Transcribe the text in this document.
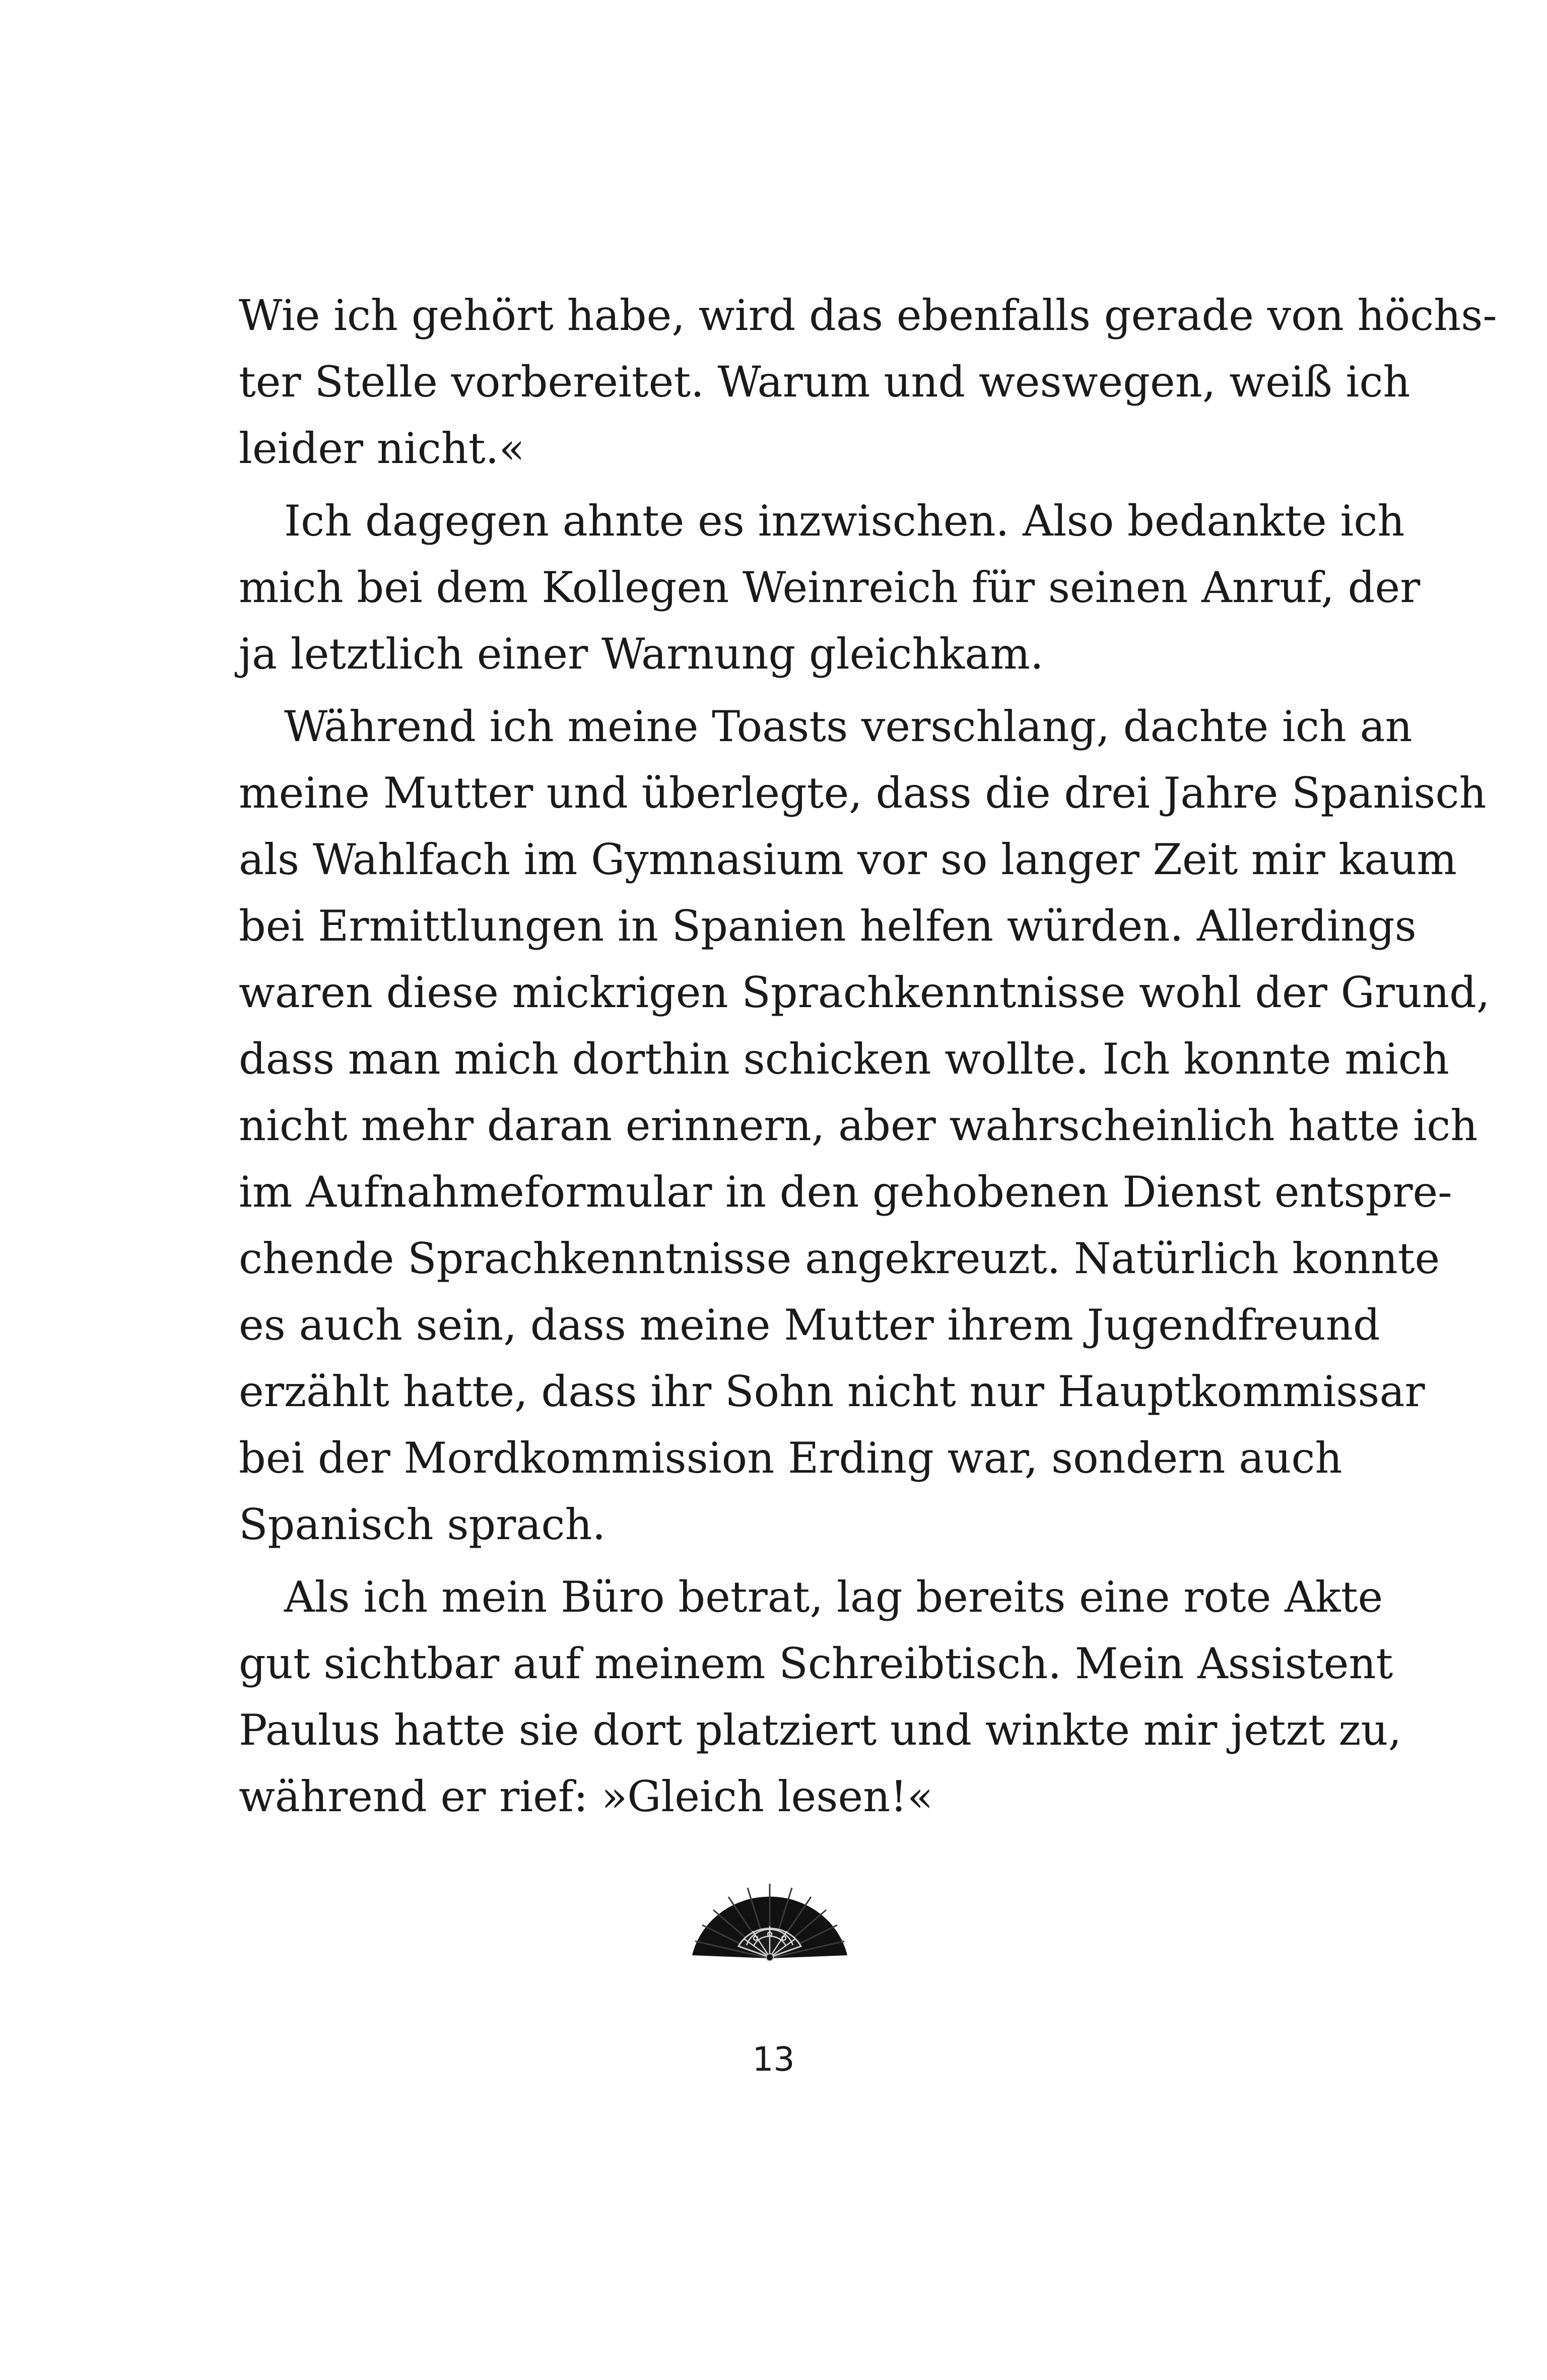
Wie ich gehört habe, wird das ebenfalls gerade von höchs-
ter Stelle vorbereitet. Warum und weswegen, weiß ich
leider nicht.«
Ich dagegen ahnte es inzwischen. Also bedankte ich
mich bei dem Kollegen Weinreich für seinen Anruf, der
ja letztlich einer Warnung gleichkam.
Während ich meine Toasts verschlang, dachte ich an
meine Mutter und überlegte, dass die drei Jahre Spanisch
als Wahlfach im Gymnasium vor so langer Zeit mir kaum
bei Ermittlungen in Spanien helfen würden. Allerdings
waren diese mickrigen Sprachkenntnisse wohl der Grund,
dass man mich dorthin schicken wollte. Ich konnte mich
nicht mehr daran erinnern, aber wahrscheinlich hatte ich
im Aufnahmeformular in den gehobenen Dienst entspre-
chende Sprachkenntnisse angekreuzt. Natürlich konnte
es auch sein, dass meine Mutter ihrem Jugendfreund
erzählt hatte, dass ihr Sohn nicht nur Hauptkommissar
bei der Mordkommission Erding war, sondern auch
Spanisch sprach.
Als ich mein Büro betrat, lag bereits eine rote Akte
gut sichtbar auf meinem Schreibtisch. Mein Assistent
Paulus hatte sie dort platziert und winkte mir jetzt zu,
während er rief: »Gleich lesen!«
13
